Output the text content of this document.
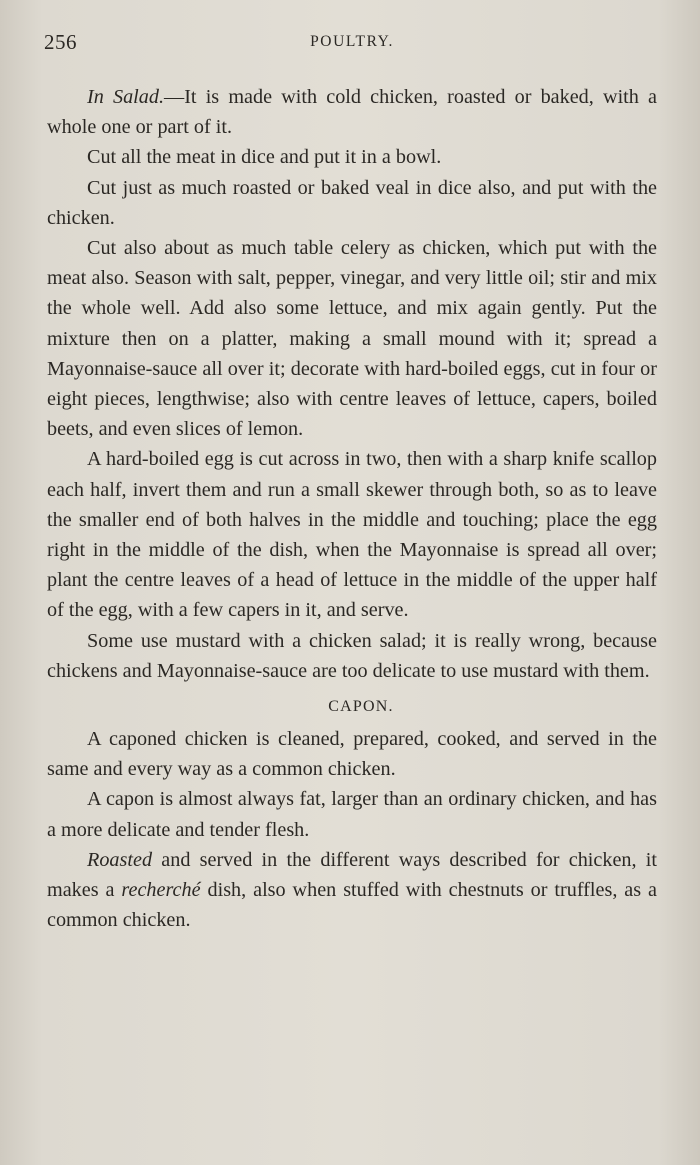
256	POULTRY.

In Salad.—It is made with cold chicken, roasted or baked, with a whole one or part of it.

Cut all the meat in dice and put it in a bowl.

Cut just as much roasted or baked veal in dice also, and put with the chicken.

Cut also about as much table celery as chicken, which put with the meat also. Season with salt, pepper, vinegar, and very little oil; stir and mix the whole well. Add also some lettuce, and mix again gently. Put the mixture then on a platter, making a small mound with it; spread a Mayonnaise-sauce all over it; decorate with hard-boiled eggs, cut in four or eight pieces, lengthwise; also with centre leaves of lettuce, capers, boiled beets, and even slices of lemon.

A hard-boiled egg is cut across in two, then with a sharp knife scallop each half, invert them and run a small skewer through both, so as to leave the smaller end of both halves in the middle and touching; place the egg right in the middle of the dish, when the Mayonnaise is spread all over; plant the centre leaves of a head of lettuce in the middle of the upper half of the egg, with a few capers in it, and serve.

Some use mustard with a chicken salad; it is really wrong, because chickens and Mayonnaise-sauce are too delicate to use mustard with them.

CAPON.

A caponed chicken is cleaned, prepared, cooked, and served in the same and every way as a common chicken.

A capon is almost always fat, larger than an ordinary chicken, and has a more delicate and tender flesh.

Roasted and served in the different ways described for chicken, it makes a recherché dish, also when stuffed with chestnuts or truffles, as a common chicken.
